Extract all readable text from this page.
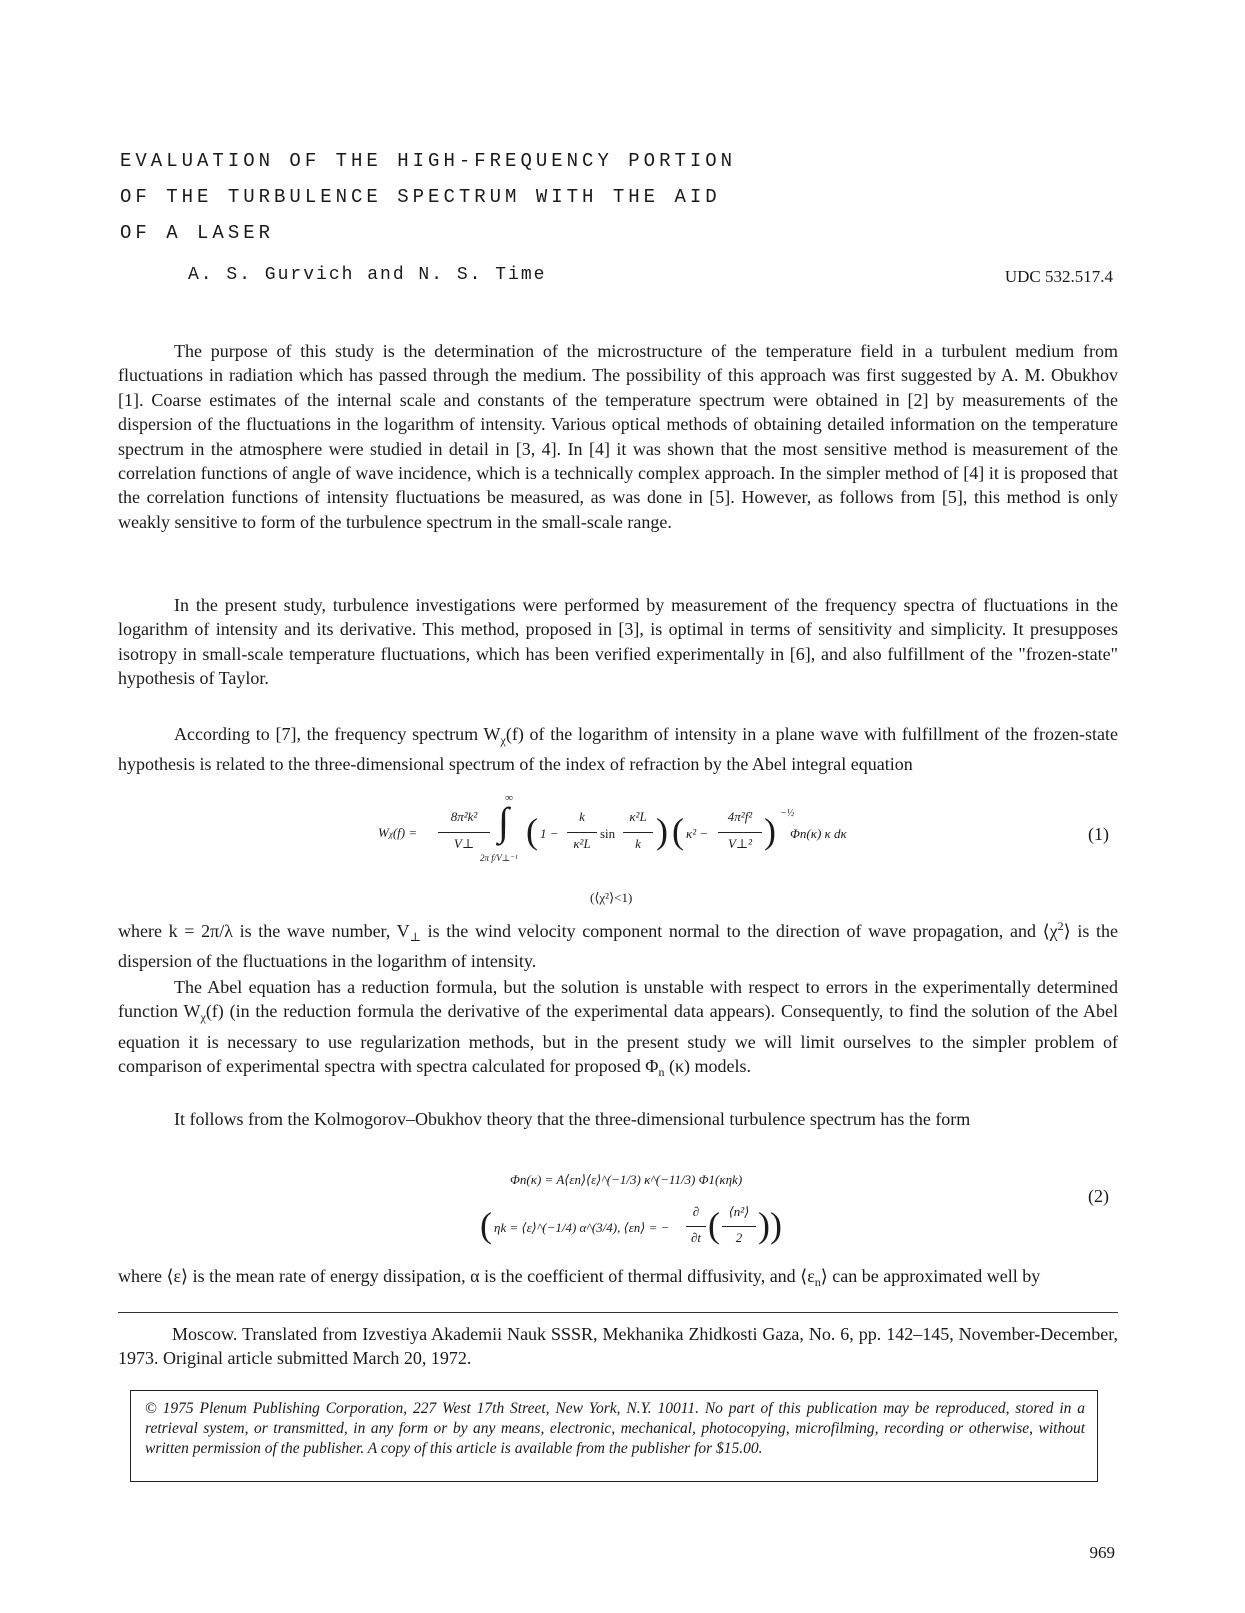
EVALUATION OF THE HIGH-FREQUENCY PORTION
OF THE TURBULENCE SPECTRUM WITH THE AID
OF A LASER
A. S. Gurvich and N. S. Time	UDC 532.517.4

The purpose of this study is the determination of the microstructure of the temperature field in a turbulent medium from fluctuations in radiation which has passed through the medium. The possibility of this approach was first suggested by A. M. Obukhov [1]. Coarse estimates of the internal scale and constants of the temperature spectrum were obtained in [2] by measurements of the dispersion of the fluctuations in the logarithm of intensity. Various optical methods of obtaining detailed information on the temperature spectrum in the atmosphere were studied in detail in [3, 4]. In [4] it was shown that the most sensitive method is measurement of the correlation functions of angle of wave incidence, which is a technically complex approach. In the simpler method of [4] it is proposed that the correlation functions of intensity fluctuations be measured, as was done in [5]. However, as follows from [5], this method is only weakly sensitive to form of the turbulence spectrum in the small-scale range.

In the present study, turbulence investigations were performed by measurement of the frequency spectra of fluctuations in the logarithm of intensity and its derivative. This method, proposed in [3], is optimal in terms of sensitivity and simplicity. It presupposes isotropy in small-scale temperature fluctuations, which has been verified experimentally in [6], and also fulfillment of the "frozen-state" hypothesis of Taylor.

According to [7], the frequency spectrum $W_\chi(f)$ of the logarithm of intensity in a plane wave with fulfillment of the frozen-state hypothesis is related to the three-dimensional spectrum of the index of refraction by the Abel integral equation

Wχ(f) =
8π²k²
V⊥
∞
∫
2π f/V⊥⁻¹
( 1 −
k
κ²L
sin
κ²L
k ) ( κ² −
4π²f²
V⊥² ) −½
Φn(κ) κ dκ
(⟨χ²⟩<1)
(1)

where k = 2π/λ is the wave number, $V_\perp$ is the wind velocity component normal to the direction of wave propagation, and $⟨\chi^2⟩$ is the dispersion of the fluctuations in the logarithm of intensity.

The Abel equation has a reduction formula, but the solution is unstable with respect to errors in the experimentally determined function $W_\chi(f)$ (in the reduction formula the derivative of the experimental data appears). Consequently, to find the solution of the Abel equation it is necessary to use regularization methods, but in the present study we will limit ourselves to the simpler problem of comparison of experimental spectra with spectra calculated for proposed $\Phi_n$ (κ) models.

It follows from the Kolmogorov–Obukhov theory that the three-dimensional turbulence spectrum has the form

Φn(κ) = A⟨εn⟩⟨ε⟩^(−1/3) κ^(−11/3) Φ1(κηk)
( ηk = ⟨ε⟩^(−1/4) α^(3/4), ⟨εn⟩ = −
∂
∂t ( ⟨n²⟩
2 ))
(2)

where ⟨ε⟩ is the mean rate of energy dissipation, α is the coefficient of thermal diffusivity, and $⟨\varepsilon_n⟩$ can be approximated well by

Moscow. Translated from Izvestiya Akademii Nauk SSSR, Mekhanika Zhidkosti Gaza, No. 6, pp. 142–145, November-December, 1973. Original article submitted March 20, 1972.

© 1975 Plenum Publishing Corporation, 227 West 17th Street, New York, N.Y. 10011. No part of this publication may be reproduced, stored in a retrieval system, or transmitted, in any form or by any means, electronic, mechanical, photocopying, microfilming, recording or otherwise, without written permission of the publisher. A copy of this article is available from the publisher for $15.00.
969
